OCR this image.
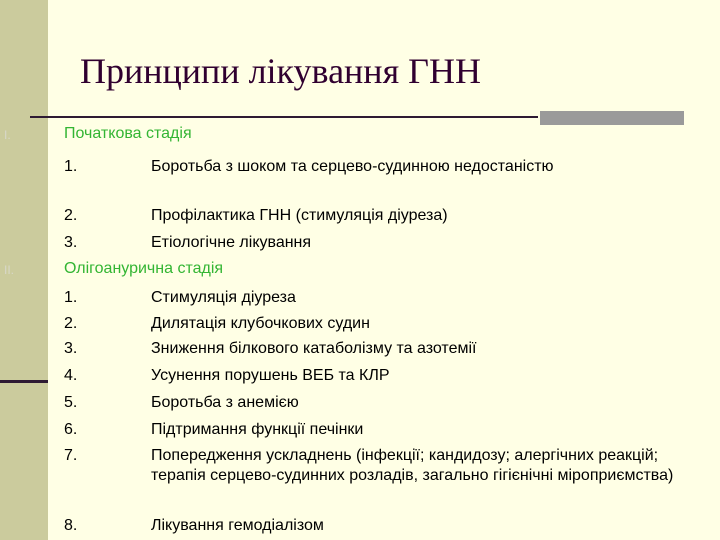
Принципи лікування ГНН
I.	Початкова стадія
1.	Боротьба з шоком та серцево-судинною недостаністю
2.	Профілактика ГНН (стимуляція діуреза)
3.	Етіологічне лікування
II.	Олігоанурична стадія
1.	Стимуляція діуреза
2.	Дилятація клубочкових судин
3.	Зниження білкового катаболізму та азотемії
4.	Усунення порушень ВЕБ та КЛР
5.	Боротьба з анемією
6.	Підтримання функції печінки
7.	Попередження ускладнень (інфекції; кандидозу; алергічних реакцій; терапія серцево-судинних розладів, загально гігієнічні міроприємства)
8.	Лікування гемодіалізом
